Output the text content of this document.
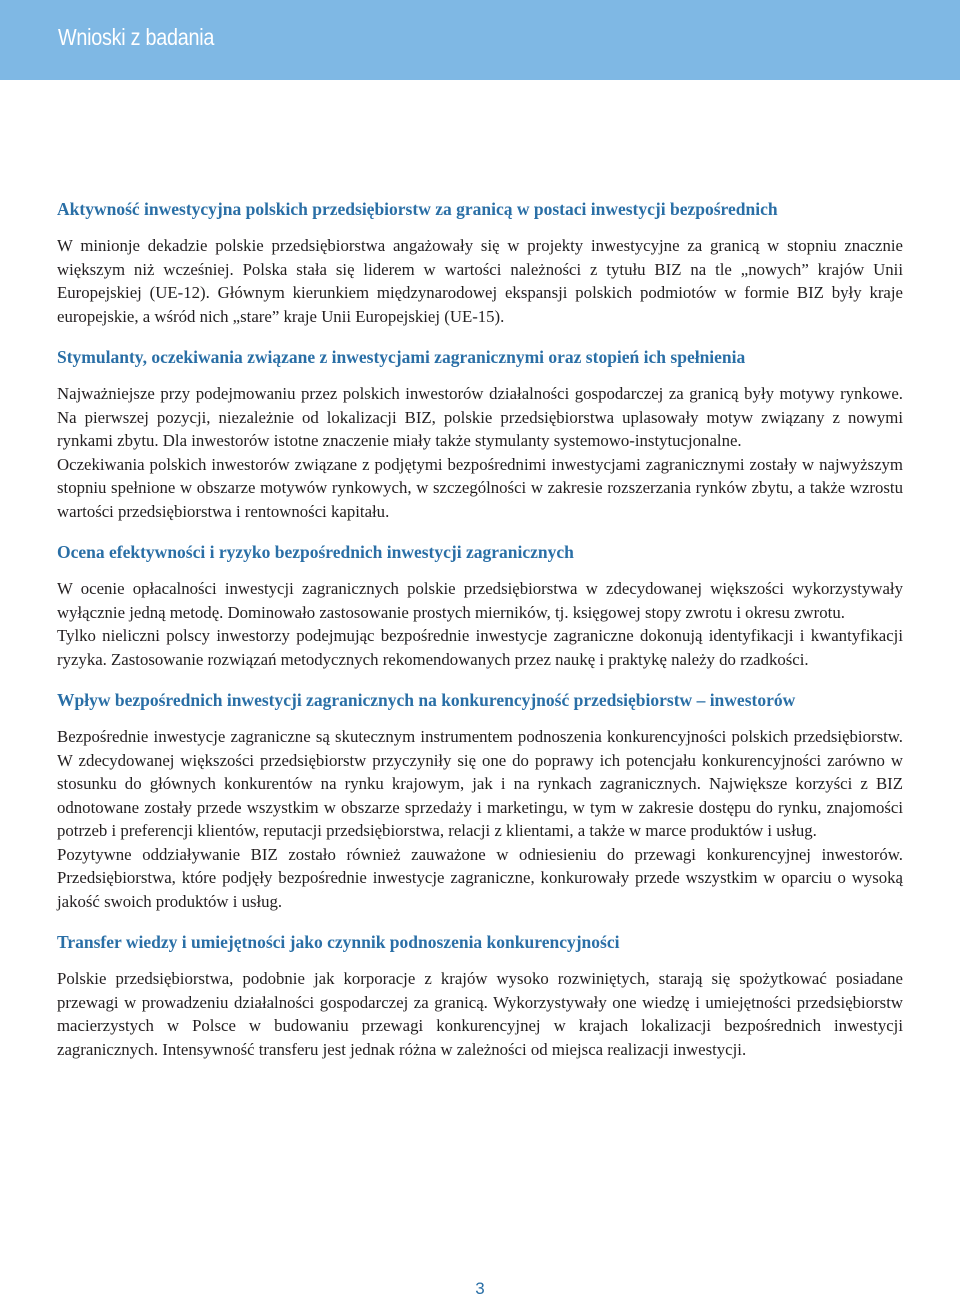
Wnioski z badania
Aktywność inwestycyjna polskich przedsiębiorstw za granicą w postaci inwestycji bezpośrednich

W minionje dekadzie polskie przedsiębiorstwa angażowały się w projekty inwestycyjne za granicą w stopniu znacznie większym niż wcześniej. Polska stała się liderem w wartości należności z tytułu BIZ na tle „nowych” krajów Unii Europejskiej (UE-12). Głównym kierunkiem międzynarodowej ekspansji polskich podmiotów w formie BIZ były kraje europejskie, a wśród nich „stare” kraje Unii Europejskiej (UE-15).

Stymulanty, oczekiwania związane z inwestycjami zagranicznymi oraz stopień ich spełnienia

Najważniejsze przy podejmowaniu przez polskich inwestorów działalności gospodarczej za granicą były motywy rynkowe. Na pierwszej pozycji, niezależnie od lokalizacji BIZ, polskie przedsiębiorstwa uplasowały motyw związany z nowymi rynkami zbytu. Dla inwestorów istotne znaczenie miały także stymulanty systemowo-instytucjonalne.

Oczekiwania polskich inwestorów związane z podjętymi bezpośrednimi inwestycjami zagranicznymi zostały w najwyższym stopniu spełnione w obszarze motywów rynkowych, w szczególności w zakresie rozszerzania rynków zbytu, a także wzrostu wartości przedsiębiorstwa i rentowności kapitału.

Ocena efektywności i ryzyko bezpośrednich inwestycji zagranicznych

W ocenie opłacalności inwestycji zagranicznych polskie przedsiębiorstwa w zdecydowanej większości wykorzystywały wyłącznie jedną metodę. Dominowało zastosowanie prostych mierników, tj. księgowej stopy zwrotu i okresu zwrotu.

Tylko nieliczni polscy inwestorzy podejmując bezpośrednie inwestycje zagraniczne dokonują identyfikacji i kwantyfikacji ryzyka. Zastosowanie rozwiązań metodycznych rekomendowanych przez naukę i praktykę należy do rzadkości.

Wpływ bezpośrednich inwestycji zagranicznych na konkurencyjność przedsiębiorstw – inwestorów

Bezpośrednie inwestycje zagraniczne są skutecznym instrumentem podnoszenia konkurencyjności polskich przedsiębiorstw. W zdecydowanej większości przedsiębiorstw przyczyniły się one do poprawy ich potencjału konkurencyjności zarówno w stosunku do głównych konkurentów na rynku krajowym, jak i na rynkach zagranicznych. Największe korzyści z BIZ odnotowane zostały przede wszystkim w obszarze sprzedaży i marketingu, w tym w zakresie dostępu do rynku, znajomości potrzeb i preferencji klientów, reputacji przedsiębiorstwa, relacji z klientami, a także w marce produktów i usług.

Pozytywne oddziaływanie BIZ zostało również zauważone w odniesieniu do przewagi konkurencyjnej inwestorów. Przedsiębiorstwa, które podjęły bezpośrednie inwestycje zagraniczne, konkurowały przede wszystkim w oparciu o wysoką jakość swoich produktów i usług.

Transfer wiedzy i umiejętności jako czynnik podnoszenia konkurencyjności

Polskie przedsiębiorstwa, podobnie jak korporacje z krajów wysoko rozwiniętych, starają się spożytkować posiadane przewagi w prowadzeniu działalności gospodarczej za granicą. Wykorzystywały one wiedzę i umiejętności przedsiębiorstw macierzystych w Polsce w budowaniu przewagi konkurencyjnej w krajach lokalizacji bezpośrednich inwestycji zagranicznych. Intensywność transferu jest jednak różna w zależności od miejsca realizacji inwestycji.

3
